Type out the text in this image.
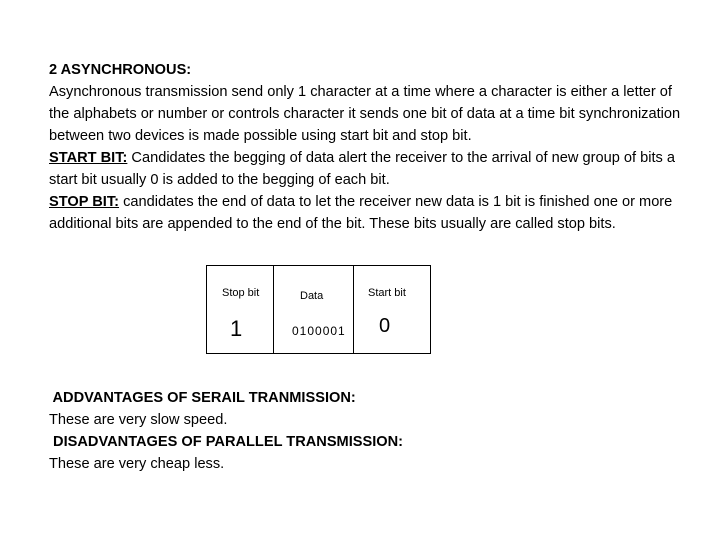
2 ASYNCHRONOUS:
Asynchronous transmission send only 1 character at a time where a character is either a letter of the alphabets or number or controls character it sends one bit of data at a time bit synchronization between two devices is made possible using start bit and stop bit.
START BIT: Candidates the begging of data alert the receiver to the arrival of new group of bits a start bit usually 0 is added to the begging of each bit.
STOP BIT: candidates the end of data to let the receiver new data is 1 bit is finished one or more additional bits are appended to the end of the bit. These bits usually are called stop bits.

Stop bit
1
Data
0100001
Start bit
0

ADDVANTAGES OF SERAIL TRANMISSION:
These are very slow speed.
DISADVANTAGES OF PARALLEL TRANSMISSION:
These are very cheap less.
